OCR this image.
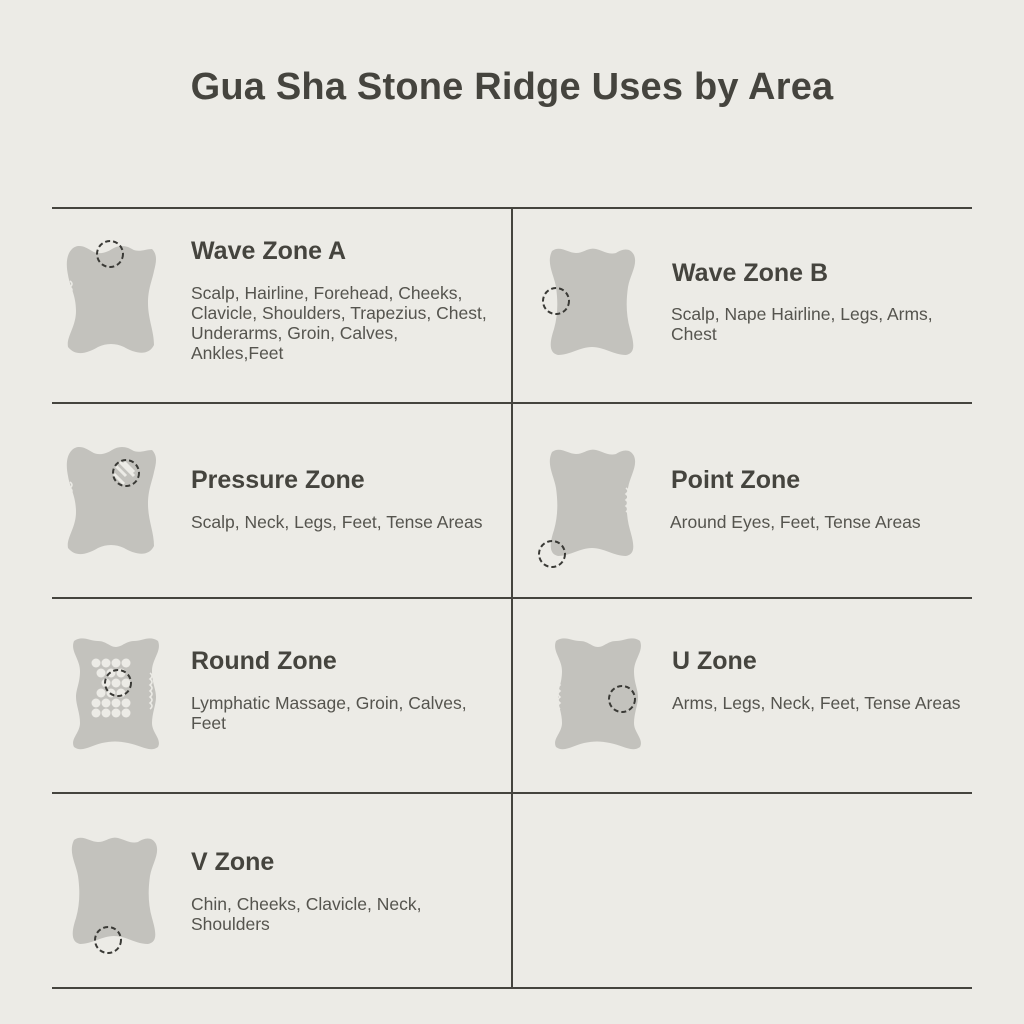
Gua Sha Stone Ridge Uses by Area

Wave Zone A

Scalp, Hairline, Forehead, Cheeks, Clavicle, Shoulders, Trapezius, Chest, Underarms, Groin, Calves, Ankles,Feet

Wave Zone B

Scalp, Nape Hairline, Legs, Arms, Chest

Pressure Zone

Scalp, Neck, Legs, Feet, Tense Areas

Point Zone

Around Eyes, Feet, Tense Areas

Round Zone

Lymphatic Massage, Groin, Calves, Feet

U Zone

Arms, Legs, Neck, Feet, Tense Areas

V Zone

Chin, Cheeks, Clavicle, Neck, Shoulders
